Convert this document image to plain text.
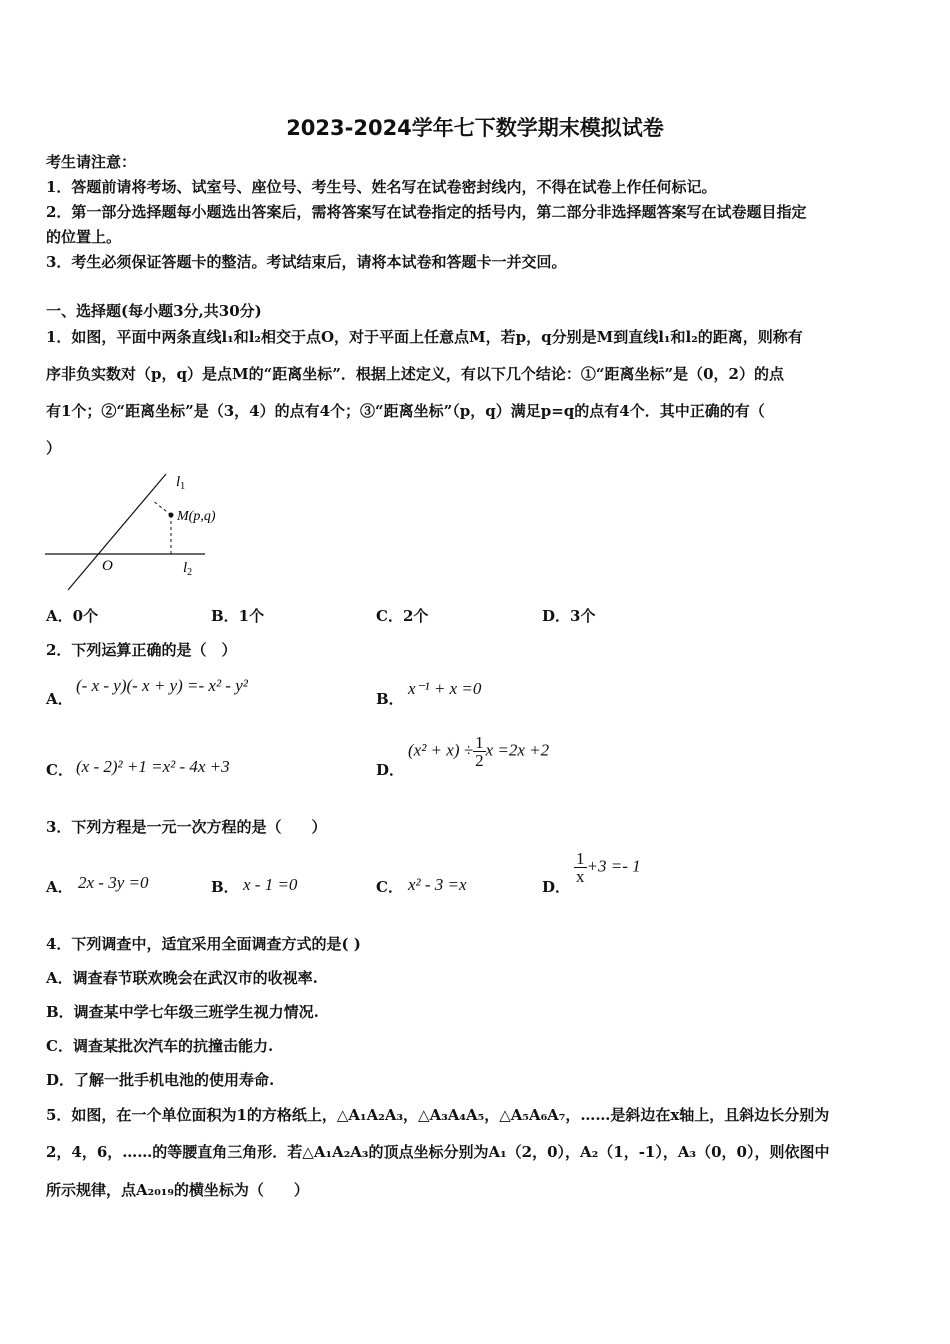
2023-2024学年七下数学期末模拟试卷
考生请注意：
1．答题前请将考场、试室号、座位号、考生号、姓名写在试卷密封线内，不得在试卷上作任何标记。
2．第一部分选择题每小题选出答案后，需将答案写在试卷指定的括号内，第二部分非选择题答案写在试卷题目指定
的位置上。
3．考生必须保证答题卡的整洁。考试结束后，请将本试卷和答题卡一并交回。
一、选择题(每小题3分,共30分)
1．如图，平面中两条直线l₁和l₂相交于点O，对于平面上任意点M，若p，q分别是M到直线l₁和l₂的距离，则称有
序非负实数对（p，q）是点M的“距离坐标”．根据上述定义，有以下几个结论：①“距离坐标”是（0，2）的点
有1个；②“距离坐标”是（3，4）的点有4个；③“距离坐标”（p，q）满足p=q的点有4个．其中正确的有（
）
$l_1$
M(p,q)
O	$l_2$
A．0个	B．1个	C．2个	D．3个
2．下列运算正确的是（　）
A．
(- x - y)(- x + y) =- x² - y²
B．
x⁻¹ + x =0
C． (x - 2)² +1 =x² - 4x +3	D．
$(x^2 + x) \div \frac{1}{2}$ x =2x +2
3．下列方程是一元一次方程的是（　　）
A． 2x - 3y =0	B． x - 1 =0	C． x² - 3 =x	D．
$\frac{1}{x} +3 =- 1$
4．下列调查中，适宜采用全面调查方式的是( )
A．调查春节联欢晚会在武汉市的收视率.
B．调查某中学七年级三班学生视力情况.
C．调查某批次汽车的抗撞击能力.
D．了解一批手机电池的使用寿命.
5．如图，在一个单位面积为1的方格纸上，△A₁A₂A₃，△A₃A₄A₅，△A₅A₆A₇，……是斜边在x轴上，且斜边长分别为
2，4，6，……的等腰直角三角形．若△A₁A₂A₃的顶点坐标分别为A₁（2，0），A₂（1，-1），A₃（0，0），则依图中
所示规律，点A₂₀₁₉的横坐标为（　　）
